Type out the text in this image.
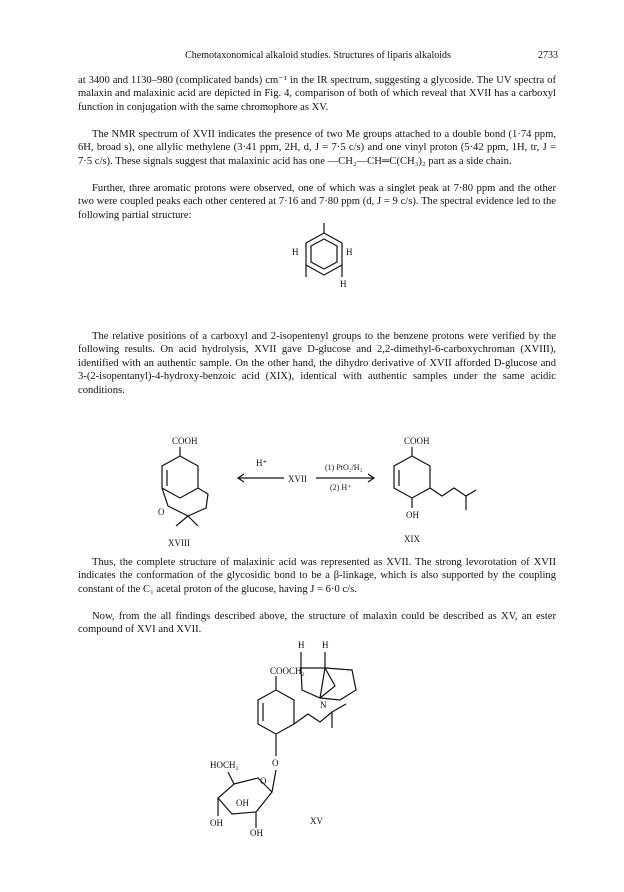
Chemotaxonomical alkaloid studies. Structures of liparis alkaloids	2733

at 3400 and 1130–980 (complicated bands) cm⁻¹ in the IR spectrum, suggesting a glycoside. The UV spectra of malaxin and malaxinic acid are depicted in Fig. 4, comparison of both of which reveal that XVII has a carboxyl function in conjugation with the same chromophore as XV.

The NMR spectrum of XVII indicates the presence of two Me groups attached to a double bond (1·74 ppm, 6H, broad s), one allylic methylene (3·41 ppm, 2H, d, J = 7·5 c/s) and one vinyl proton (5·42 ppm, 1H, tr, J = 7·5 c/s). These signals suggest that malaxinic acid has one —CH₂—CH═C(CH₃)₂ part as a side chain.

Further, three aromatic protons were observed, one of which was a singlet peak at 7·80 ppm and the other two were coupled peaks each other centered at 7·16 and 7·80 ppm (d, J = 9 c/s). The spectral evidence led to the following partial structure:

H	H
H

The relative positions of a carboxyl and 2-isopentenyl groups to the benzene protons were verified by the following results. On acid hydrolysis, XVII gave D-glucose and 2,2-dimethyl-6-carboxychroman (XVIII), identified with an authentic sample. On the other hand, the dihydro derivative of XVII afforded D-glucose and 3-(2-isopentanyl)-4-hydroxy-benzoic acid (XIX), identical with authentic samples under the same acidic conditions.

COOH
O
XVIII
H⁺
XVII
(1) PtO₂/H₂
(2) H⁺
COOH
OH
XIX

Thus, the complete structure of malaxinic acid was represented as XVII. The strong levorotation of XVII indicates the conformation of the glycosidic bond to be a β-linkage, which is also supported by the coupling constant of the C₁ acetal proton of the glucose, having J = 6·0 c/s.

Now, from the all findings described above, the structure of malaxin could be described as XV, an ester compound of XVI and XVII.

H H
COOCH₂
N
O
HOCH₂
O
OH
OH
OH
XV
